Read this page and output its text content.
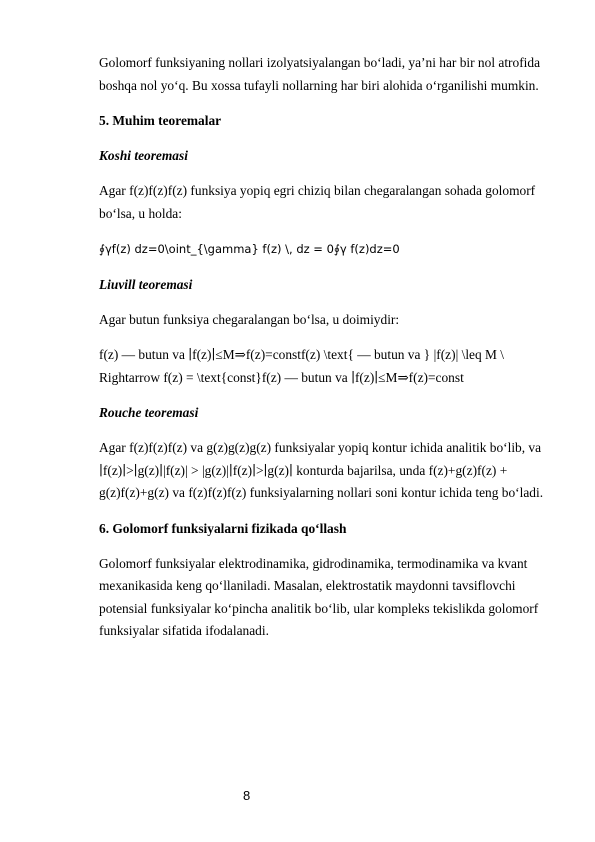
Golomorf funksiyaning nollari izolyatsiyalangan bo‘ladi, ya’ni har bir nol atrofida boshqa nol yo‘q. Bu xossa tufayli nollarning har biri alohida o‘rganilishi mumkin.

5. Muhim teoremalar
Koshi teoremasi

Agar f(z)f(z)f(z) funksiya yopiq egri chiziq bilan chegaralangan sohada golomorf bo‘lsa, u holda:

∮γf(z) dz=0\oint_{\gamma} f(z) \, dz = 0∮γ f(z)dz=0

Liuvill teoremasi

Agar butun funksiya chegaralangan bo‘lsa, u doimiydir:

f(z) — butun va ∣f(z)∣≤M⇒f(z)=constf(z) \text{ — butun va } |f(z)| \leq M \ Rightarrow f(z) = \text{const}f(z) — butun va ∣f(z)∣≤M⇒f(z)=const

Rouche teoremasi

Agar f(z)f(z)f(z) va g(z)g(z)g(z) funksiyalar yopiq kontur ichida analitik bo‘lib, va ∣f(z)∣>∣g(z)∣|f(z)| > |g(z)|∣f(z)∣>∣g(z)∣ konturda bajarilsa, unda f(z)+g(z)f(z) + g(z)f(z)+g(z) va f(z)f(z)f(z) funksiyalarning nollari soni kontur ichida teng bo‘ladi.

6. Golomorf funksiyalarni fizikada qo‘llash

Golomorf funksiyalar elektrodinamika, gidrodinamika, termodinamika va kvant mexanikasida keng qo‘llaniladi. Masalan, elektrostatik maydonni tavsiflovchi potensial funksiyalar ko‘pincha analitik bo‘lib, ular kompleks tekislikda golomorf funksiyalar sifatida ifodalanadi.

8
